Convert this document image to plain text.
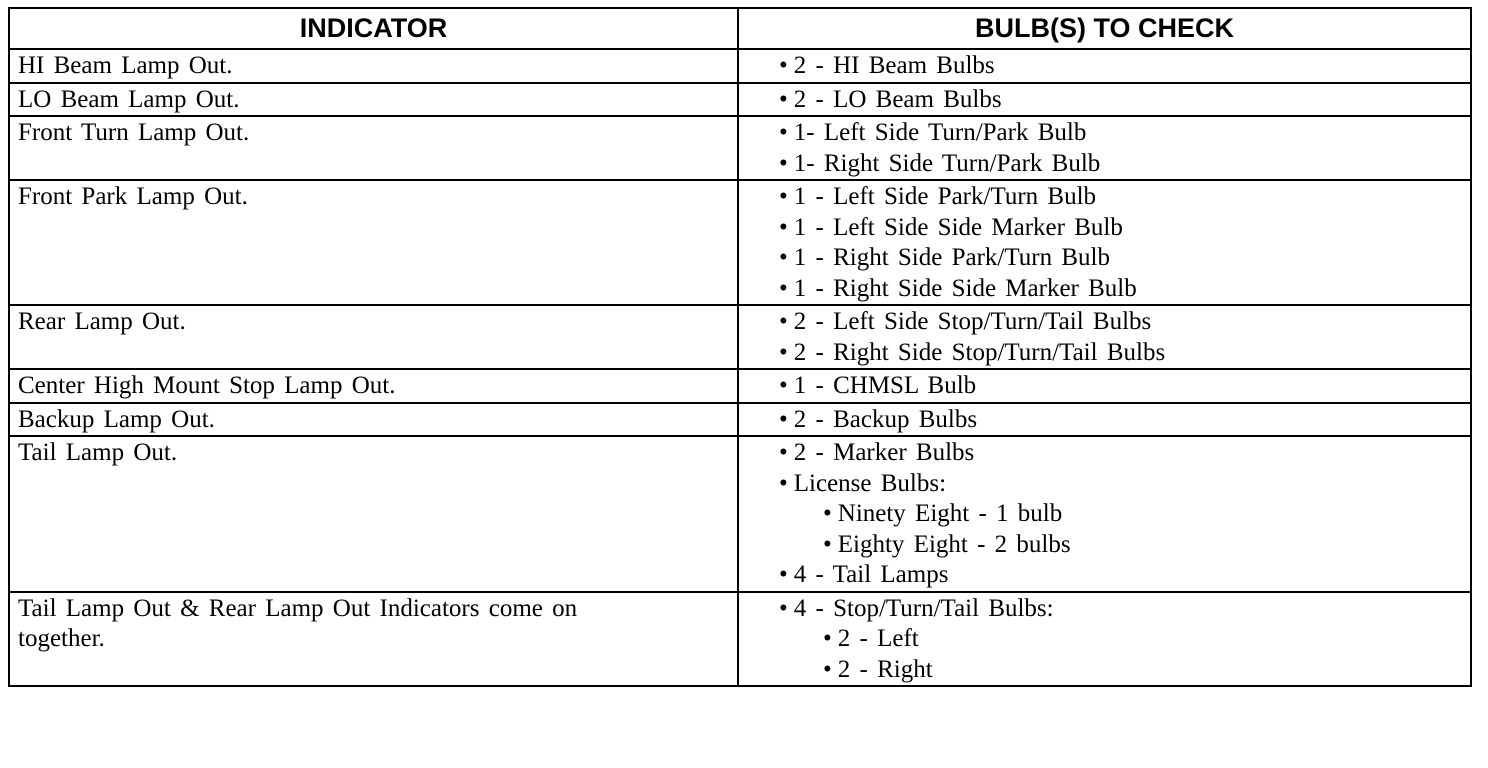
INDICATOR	BULB(S) TO CHECK

HI Beam Lamp Out.	• 2 - HI Beam Bulbs

LO Beam Lamp Out.	• 2 - LO Beam Bulbs

Front Turn Lamp Out.	• 1- Left Side Turn/Park Bulb
• 1- Right Side Turn/Park Bulb

Front Park Lamp Out.	• 1 - Left Side Park/Turn Bulb
• 1 - Left Side Side Marker Bulb
• 1 - Right Side Park/Turn Bulb
• 1 - Right Side Side Marker Bulb

Rear Lamp Out.	• 2 - Left Side Stop/Turn/Tail Bulbs
• 2 - Right Side Stop/Turn/Tail Bulbs

Center High Mount Stop Lamp Out.	• 1 - CHMSL Bulb

Backup Lamp Out.	• 2 - Backup Bulbs

Tail Lamp Out.	• 2 - Marker Bulbs
• License Bulbs:
• Ninety Eight - 1 bulb
• Eighty Eight - 2 bulbs
• 4 - Tail Lamps

Tail Lamp Out & Rear Lamp Out Indicators come on together.	• 4 - Stop/Turn/Tail Bulbs:
• 2 - Left
• 2 - Right
